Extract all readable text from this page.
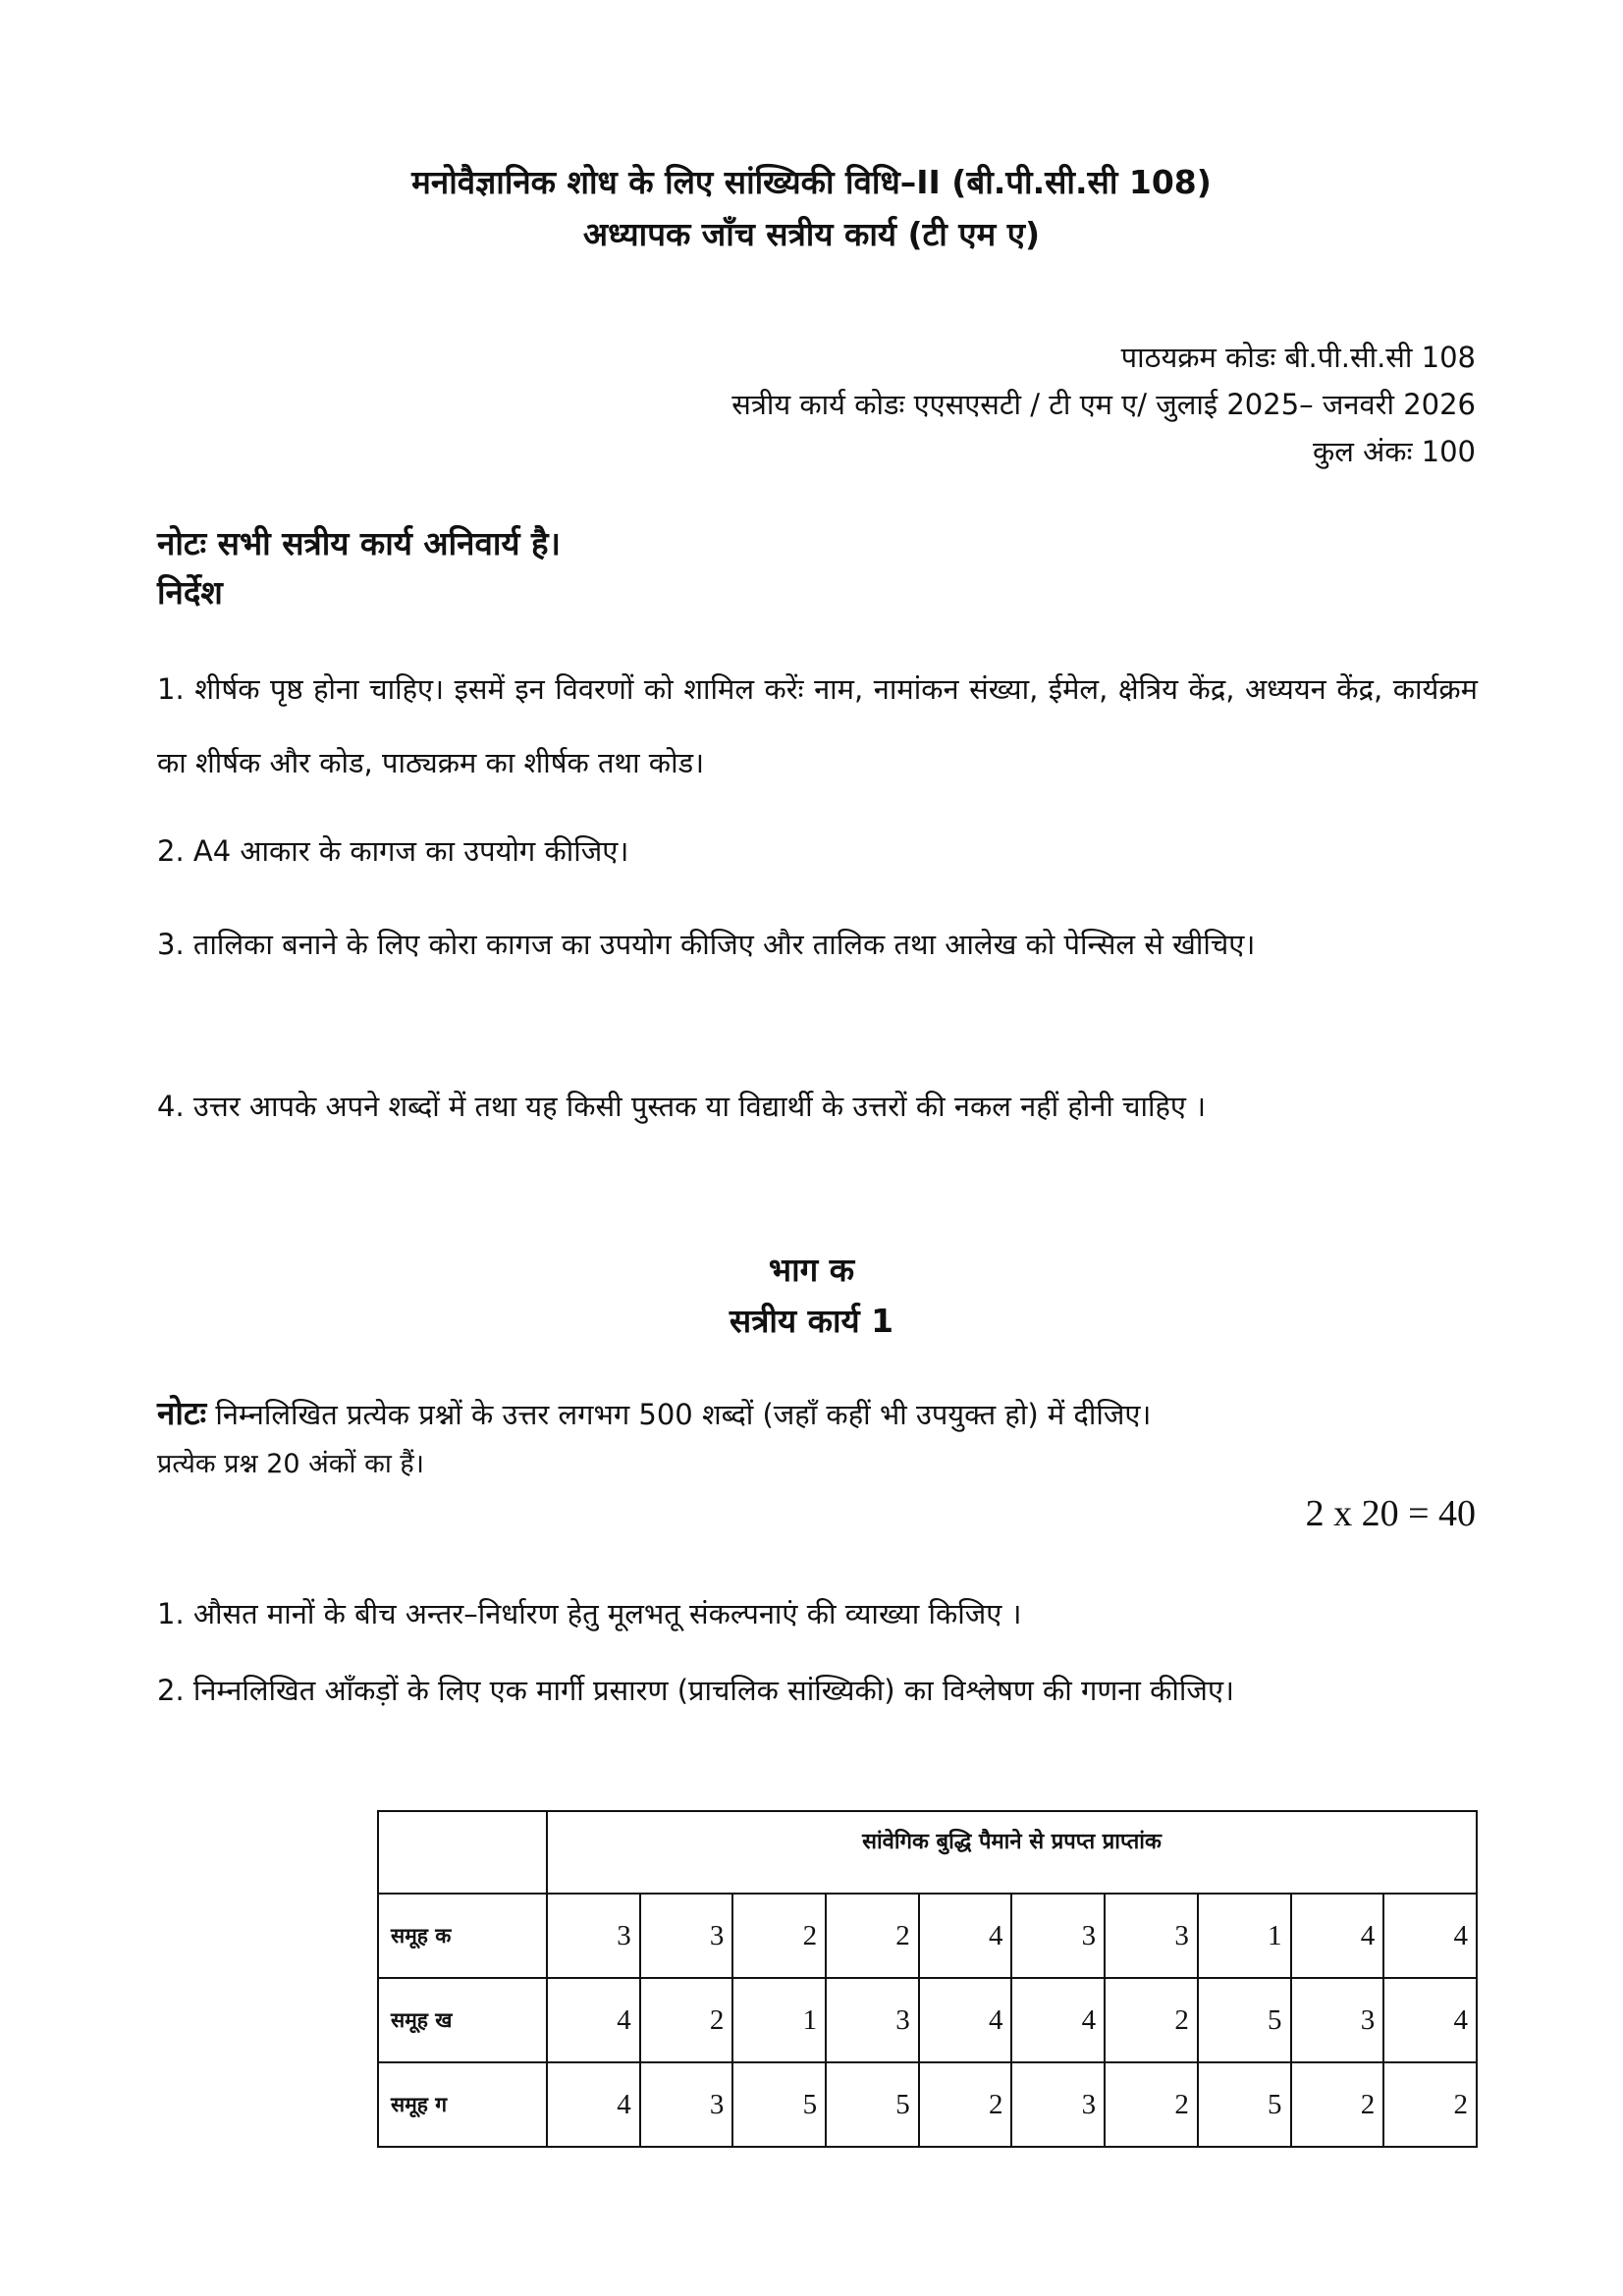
मनोवैज्ञानिक शोध के लिए सांख्यिकी विधि–II (बी.पी.सी.सी 108)
अध्यापक जाँच सत्रीय कार्य (टी एम ए)
पाठयक्रम कोडः बी.पी.सी.सी 108
सत्रीय कार्य कोडः एएसएसटी / टी एम ए/ जुलाई 2025– जनवरी 2026
कुल अंकः 100
नोटः सभी सत्रीय कार्य अनिवार्य है।
निर्देश
1. शीर्षक पृष्ठ होना चाहिए। इसमें इन विवरणों को शामिल करेंः नाम, नामांकन संख्या, ईमेल, क्षेत्रिय केंद्र, अध्ययन केंद्र, कार्यक्रम का शीर्षक और कोड, पाठ्यक्रम का शीर्षक तथा कोड।
2. A4 आकार के कागज का उपयोग कीजिए।
3. तालिका बनाने के लिए कोरा कागज का उपयोग कीजिए और तालिक तथा आलेख को पेन्सिल से खीचिए।
4. उत्तर आपके अपने शब्दों में तथा यह किसी पुस्तक या विद्यार्थी के उत्तरों की नकल नहीं होनी चाहिए ।
भाग क
सत्रीय कार्य 1
नोटः निम्नलिखित प्रत्येक प्रश्नों के उत्तर लगभग 500 शब्दों (जहाँ कहीं भी उपयुक्त हो) में दीजिए।
प्रत्येक प्रश्न 20 अंकों का हैं।
2 x 20 = 40
1. औसत मानों के बीच अन्तर–निर्धारण हेतु मूलभतू संकल्पनाएं की व्याख्या किजिए ।
2. निम्नलिखित आँकड़ों के लिए एक मार्गी प्रसारण (प्राचलिक सांख्यिकी) का विश्लेषण की गणना कीजिए।
	सांवेगिक बुद्धि पैमाने से प्रपप्त प्राप्तांक									
समूह क	3	3	2	2	4	3	3	1	4	4
समूह ख	4	2	1	3	4	4	2	5	3	4
समूह ग	4	3	5	5	2	3	2	5	2	2
